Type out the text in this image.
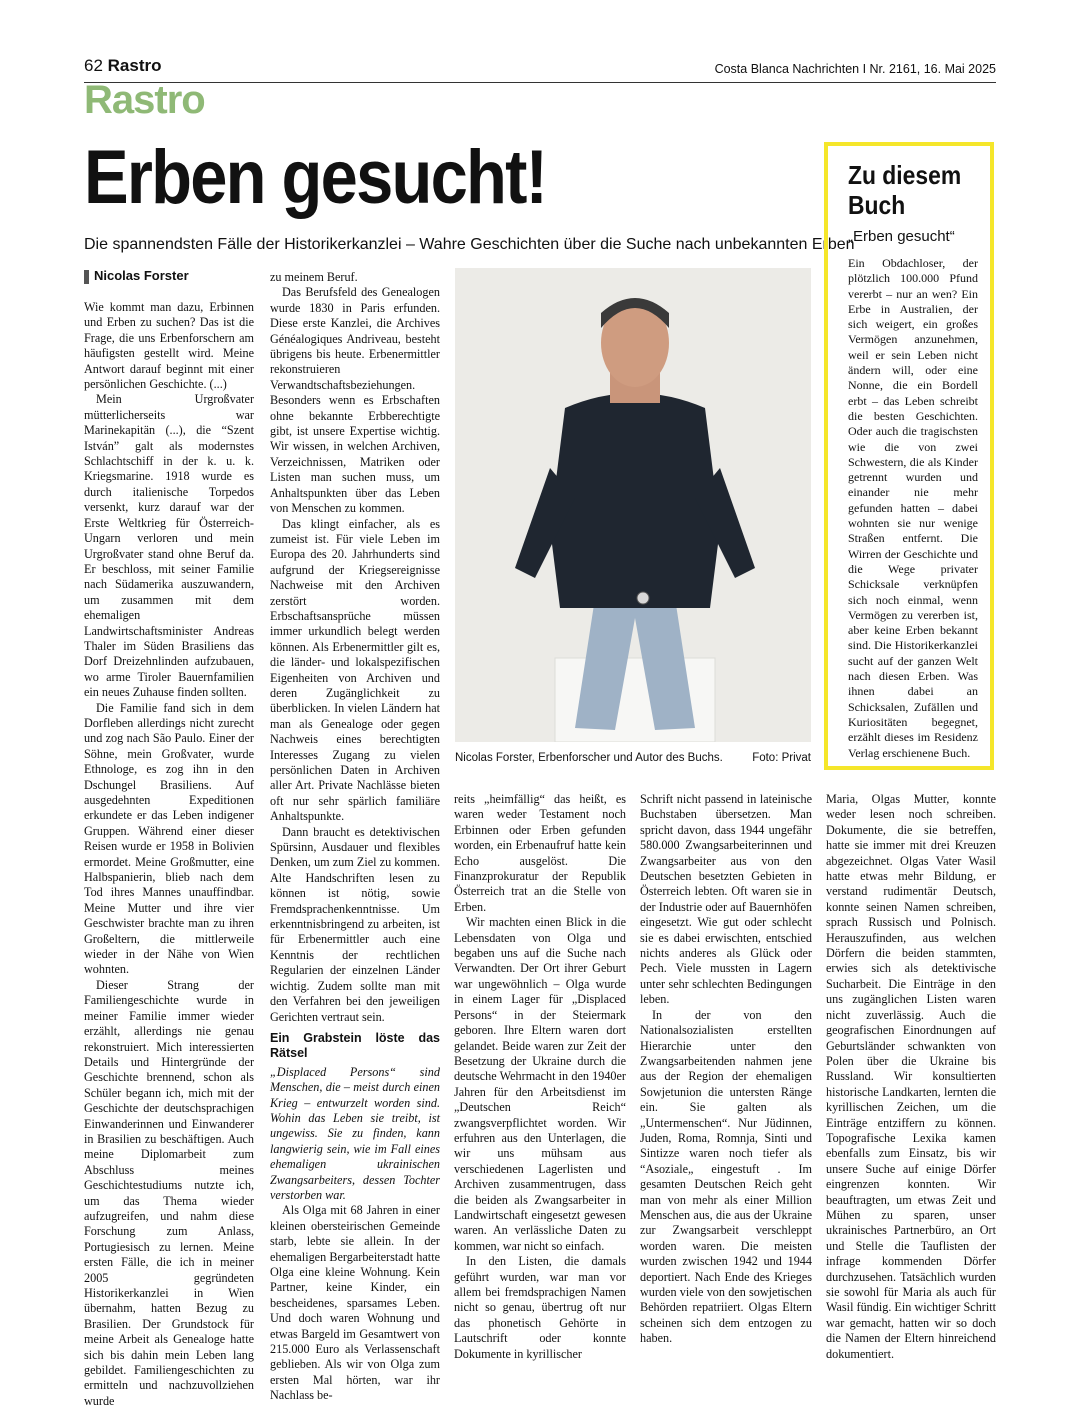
62 Rastro	Costa Blanca Nachrichten I Nr. 2161, 16. Mai 2025
Rastro
Erben gesucht!
Die spannendsten Fälle der Historikerkanzlei – Wahre Geschichten über die Suche nach unbekannten Erben
Nicolas Forster

Wie kommt man dazu, Erbinnen und Erben zu suchen? Das ist die Frage, die uns Erbenforschern am häufigsten gestellt wird. Meine Antwort darauf beginnt mit einer persönlichen Geschichte. (...)

Mein Urgroßvater mütterlicherseits war Marinekapitän (...), die “Szent István” galt als modernstes Schlachtschiff in der k. u. k. Kriegsmarine. 1918 wurde es durch italienische Torpedos versenkt, kurz darauf war der Erste Weltkrieg für Österreich-Ungarn verloren und mein Urgroßvater stand ohne Beruf da. Er beschloss, mit seiner Familie nach Südamerika auszuwandern, um zusammen mit dem ehemaligen Landwirtschaftsminister Andreas Thaler im Süden Brasiliens das Dorf Dreizehnlinden aufzubauen, wo arme Tiroler Bauernfamilien ein neues Zuhause finden sollten.

Die Familie fand sich in dem Dorfleben allerdings nicht zurecht und zog nach São Paulo. Einer der Söhne, mein Großvater, wurde Ethnologe, es zog ihn in den Dschungel Brasiliens. Auf ausgedehnten Expeditionen erkundete er das Leben indigener Gruppen. Während einer dieser Reisen wurde er 1958 in Bolivien ermordet. Meine Großmutter, eine Halbspanierin, blieb nach dem Tod ihres Mannes unauffindbar. Meine Mutter und ihre vier Geschwister brachte man zu ihren Großeltern, die mittlerweile wieder in der Nähe von Wien wohnten.

Dieser Strang der Familiengeschichte wurde in meiner Familie immer wieder erzählt, allerdings nie genau rekonstruiert. Mich interessierten Details und Hintergründe der Geschichte brennend, schon als Schüler begann ich, mich mit der Geschichte der deutschsprachigen Einwanderinnen und Einwanderer in Brasilien zu beschäftigen. Auch meine Diplomarbeit zum Abschluss meines Geschichtestudiums nutzte ich, um das Thema wieder aufzugreifen, und nahm diese Forschung zum Anlass, Portugiesisch zu lernen. Meine ersten Fälle, die ich in meiner 2005 gegründeten Historikerkanzlei in Wien übernahm, hatten Bezug zu Brasilien. Der Grundstock für meine Arbeit als Genealoge hatte sich bis dahin mein Leben lang gebildet. Familiengeschichten zu ermitteln und nachzuvollziehen wurde

zu meinem Beruf.

Das Berufsfeld des Genealogen wurde 1830 in Paris erfunden. Diese erste Kanzlei, die Archives Généalogiques Andriveau, besteht übrigens bis heute. Erbenermittler rekonstruieren Verwandtschaftsbeziehungen. Besonders wenn es Erbschaften ohne bekannte Erbberechtigte gibt, ist unsere Expertise wichtig. Wir wissen, in welchen Archiven, Verzeichnissen, Matriken oder Listen man suchen muss, um Anhaltspunkten über das Leben von Menschen zu kommen.

Das klingt einfacher, als es zumeist ist. Für viele Leben im Europa des 20. Jahrhunderts sind aufgrund der Kriegsereignisse Nachweise mit den Archiven zerstört worden. Erbschaftsansprüche müssen immer urkundlich belegt werden können. Als Erbenermittler gilt es, die länder- und lokalspezifischen Eigenheiten von Archiven und deren Zugänglichkeit zu überblicken. In vielen Ländern hat man als Genealoge oder gegen Nachweis eines berechtigten Interesses Zugang zu vielen persönlichen Daten in Archiven aller Art. Private Nachlässe bieten oft nur sehr spärlich familiäre Anhaltspunkte.

Dann braucht es detektivischen Spürsinn, Ausdauer und flexibles Denken, um zum Ziel zu kommen. Alte Handschriften lesen zu können ist nötig, sowie Fremdsprachenkenntnisse. Um erkenntnisbringend zu arbeiten, ist für Erbenermittler auch eine Kenntnis der rechtlichen Regularien der einzelnen Länder wichtig. Zudem sollte man mit den Verfahren bei den jeweiligen Gerichten vertraut sein.

Ein Grabstein löste das Rätsel

„Displaced Persons“ sind Menschen, die – meist durch einen Krieg – entwurzelt worden sind. Wohin das Leben sie treibt, ist ungewiss. Sie zu finden, kann langwierig sein, wie im Fall eines ehemaligen ukrainischen Zwangsarbeiters, dessen Tochter verstorben war.

Als Olga mit 68 Jahren in einer kleinen obersteirischen Gemeinde starb, lebte sie allein. In der ehemaligen Bergarbeiterstadt hatte Olga eine kleine Wohnung. Kein Partner, keine Kinder, ein bescheidenes, sparsames Leben. Und doch waren Wohnung und etwas Bargeld im Gesamtwert von 215.000 Euro als Verlassenschaft geblieben. Als wir von Olga zum ersten Mal hörten, war ihr Nachlass be-

Nicolas Forster, Erbenforscher und Autor des Buchs.	Foto: Privat
Zu diesem
Buch
„Erben gesucht“

Ein Obdachloser, der plötzlich 100.000 Pfund vererbt – nur an wen? Ein Erbe in Australien, der sich weigert, ein großes Vermögen anzunehmen, weil er sein Leben nicht ändern will, oder eine Nonne, die ein Bordell erbt – das Leben schreibt die besten Geschichten. Oder auch die tragischsten wie die von zwei Schwestern, die als Kinder getrennt wurden und einander nie mehr gefunden hatten – dabei wohnten sie nur wenige Straßen entfernt. Die Wirren der Geschichte und die Wege privater Schicksale verknüpfen sich noch einmal, wenn Vermögen zu vererben ist, aber keine Erben bekannt sind. Die Historikerkanzlei sucht auf der ganzen Welt nach diesen Erben. Was ihnen dabei an Schicksalen, Zufällen und Kuriositäten begegnet, erzählt dieses im Residenz Verlag erschienene Buch.

reits „heimfällig“ das heißt, es waren weder Testament noch Erbinnen oder Erben gefunden worden, ein Erbenaufruf hatte kein Echo ausgelöst. Die Finanzprokuratur der Republik Österreich trat an die Stelle von Erben.

Wir machten einen Blick in die Lebensdaten von Olga und begaben uns auf die Suche nach Verwandten. Der Ort ihrer Geburt war ungewöhnlich – Olga wurde in einem Lager für „Displaced Persons“ in der Steiermark geboren. Ihre Eltern waren dort gelandet. Beide waren zur Zeit der Besetzung der Ukraine durch die deutsche Wehrmacht in den 1940er Jahren für den Arbeitsdienst im „Deutschen Reich“ zwangsverpflichtet worden. Wir erfuhren aus den Unterlagen, die wir uns mühsam aus verschiedenen Lagerlisten und Archiven zusammentrugen, dass die beiden als Zwangsarbeiter in Landwirtschaft eingesetzt gewesen waren. An verlässliche Daten zu kommen, war nicht so einfach.

In den Listen, die damals geführt wurden, war man vor allem bei fremdsprachigen Namen nicht so genau, übertrug oft nur das phonetisch Gehörte in Lautschrift oder konnte Dokumente in kyrillischer

Schrift nicht passend in lateinische Buchstaben übersetzen. Man spricht davon, dass 1944 ungefähr 580.000 Zwangsarbeiterinnen und Zwangsarbeiter aus von den Deutschen besetzten Gebieten in Österreich lebten. Oft waren sie in der Industrie oder auf Bauernhöfen eingesetzt. Wie gut oder schlecht sie es dabei erwischten, entschied nichts anderes als Glück oder Pech. Viele mussten in Lagern unter sehr schlechten Bedingungen leben.

In der von den Nationalsozialisten erstellten Hierarchie unter den Zwangsarbeitenden nahmen jene aus der Region der ehemaligen Sowjetunion die untersten Ränge ein. Sie galten als „Untermenschen“. Nur Jüdinnen, Juden, Roma, Romnja, Sinti und Sintizze waren noch tiefer als “Asoziale„ eingestuft . Im gesamten Deutschen Reich geht man von mehr als einer Million Menschen aus, die aus der Ukraine zur Zwangsarbeit verschleppt worden waren. Die meisten wurden zwischen 1942 und 1944 deportiert. Nach Ende des Krieges wurden viele von den sowjetischen Behörden repatriiert. Olgas Eltern scheinen sich dem entzogen zu haben.

Maria, Olgas Mutter, konnte weder lesen noch schreiben. Dokumente, die sie betreffen, hatte sie immer mit drei Kreuzen abgezeichnet. Olgas Vater Wasil hatte etwas mehr Bildung, er verstand rudimentär Deutsch, konnte seinen Namen schreiben, sprach Russisch und Polnisch. Herauszufinden, aus welchen Dörfern die beiden stammten, erwies sich als detektivische Sucharbeit. Die Einträge in den uns zugänglichen Listen waren nicht zuverlässig. Auch die geografischen Einordnungen auf Geburtsländer schwankten von Polen über die Ukraine bis Russland. Wir konsultierten historische Landkarten, lernten die kyrillischen Zeichen, um die Einträge entziffern zu können. Topografische Lexika kamen ebenfalls zum Einsatz, bis wir unsere Suche auf einige Dörfer eingrenzen konnten. Wir beauftragten, um etwas Zeit und Mühen zu sparen, unser ukrainisches Partnerbüro, an Ort und Stelle die Tauflisten der infrage kommenden Dörfer durchzusehen. Tatsächlich wurden sie sowohl für Maria als auch für Wasil fündig. Ein wichtiger Schritt war gemacht, hatten wir so doch die Namen der Eltern hinreichend dokumentiert.
